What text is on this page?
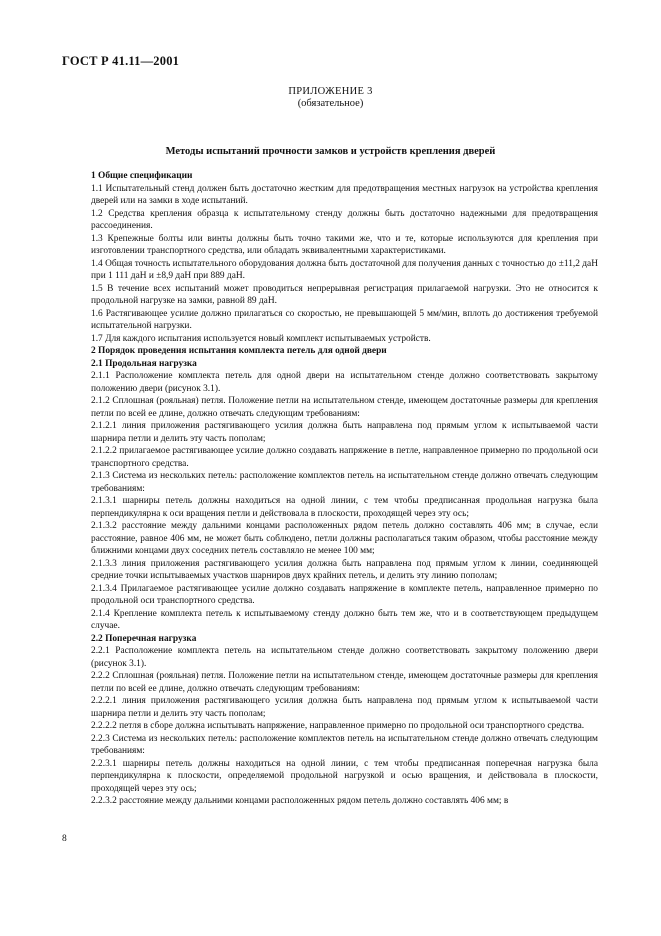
ГОСТ Р 41.11—2001
ПРИЛОЖЕНИЕ 3
(обязательное)
Методы испытаний прочности замков и устройств крепления дверей

1 Общие спецификации

1.1 Испытательный стенд должен быть достаточно жестким для предотвращения местных нагрузок на устройства крепления дверей или на замки в ходе испытаний.

1.2 Средства крепления образца к испытательному стенду должны быть достаточно надежными для предотвращения рассоединения.

1.3 Крепежные болты или винты должны быть точно такими же, что и те, которые используются для крепления при изготовлении транспортного средства, или обладать эквивалентными характеристиками.

1.4 Общая точность испытательного оборудования должна быть достаточной для получения данных с точностью до ±11,2 даН при 1 111 даН и ±8,9 даН при 889 даН.

1.5 В течение всех испытаний может проводиться непрерывная регистрация прилагаемой нагрузки. Это не относится к продольной нагрузке на замки, равной 89 даН.

1.6 Растягивающее усилие должно прилагаться со скоростью, не превышающей 5 мм/мин, вплоть до достижения требуемой испытательной нагрузки.

1.7 Для каждого испытания используется новый комплект испытываемых устройств.

2 Порядок проведения испытания комплекта петель для одной двери

2.1 Продольная нагрузка

2.1.1 Расположение комплекта петель для одной двери на испытательном стенде должно соответствовать закрытому положению двери (рисунок 3.1).

2.1.2 Сплошная (рояльная) петля. Положение петли на испытательном стенде, имеющем достаточные размеры для крепления петли по всей ее длине, должно отвечать следующим требованиям:

2.1.2.1 линия приложения растягивающего усилия должна быть направлена под прямым углом к испытываемой части шарнира петли и делить эту часть пополам;

2.1.2.2 прилагаемое растягивающее усилие должно создавать напряжение в петле, направленное примерно по продольной оси транспортного средства.

2.1.3 Система из нескольких петель: расположение комплектов петель на испытательном стенде должно отвечать следующим требованиям:

2.1.3.1 шарниры петель должны находиться на одной линии, с тем чтобы предписанная продольная нагрузка была перпендикулярна к оси вращения петли и действовала в плоскости, проходящей через эту ось;

2.1.3.2 расстояние между дальними концами расположенных рядом петель должно составлять 406 мм; в случае, если расстояние, равное 406 мм, не может быть соблюдено, петли должны располагаться таким образом, чтобы расстояние между ближними концами двух соседних петель составляло не менее 100 мм;

2.1.3.3 линия приложения растягивающего усилия должна быть направлена под прямым углом к линии, соединяющей средние точки испытываемых участков шарниров двух крайних петель, и делить эту линию пополам;

2.1.3.4 Прилагаемое растягивающее усилие должно создавать напряжение в комплекте петель, направленное примерно по продольной оси транспортного средства.

2.1.4 Крепление комплекта петель к испытываемому стенду должно быть тем же, что и в соответствующем предыдущем случае.

2.2 Поперечная нагрузка

2.2.1 Расположение комплекта петель на испытательном стенде должно соответствовать закрытому положению двери (рисунок 3.1).

2.2.2 Сплошная (рояльная) петля. Положение петли на испытательном стенде, имеющем достаточные размеры для крепления петли по всей ее длине, должно отвечать следующим требованиям:

2.2.2.1 линия приложения растягивающего усилия должна быть направлена под прямым углом к испытываемой части шарнира петли и делить эту часть пополам;

2.2.2.2 петля в сборе должна испытывать напряжение, направленное примерно по продольной оси транспортного средства.

2.2.3 Система из нескольких петель: расположение комплектов петель на испытательном стенде должно отвечать следующим требованиям:

2.2.3.1 шарниры петель должны находиться на одной линии, с тем чтобы предписанная поперечная нагрузка была перпендикулярна к плоскости, определяемой продольной нагрузкой и осью вращения, и действовала в плоскости, проходящей через эту ось;

2.2.3.2 расстояние между дальними концами расположенных рядом петель должно составлять 406 мм; в

8
